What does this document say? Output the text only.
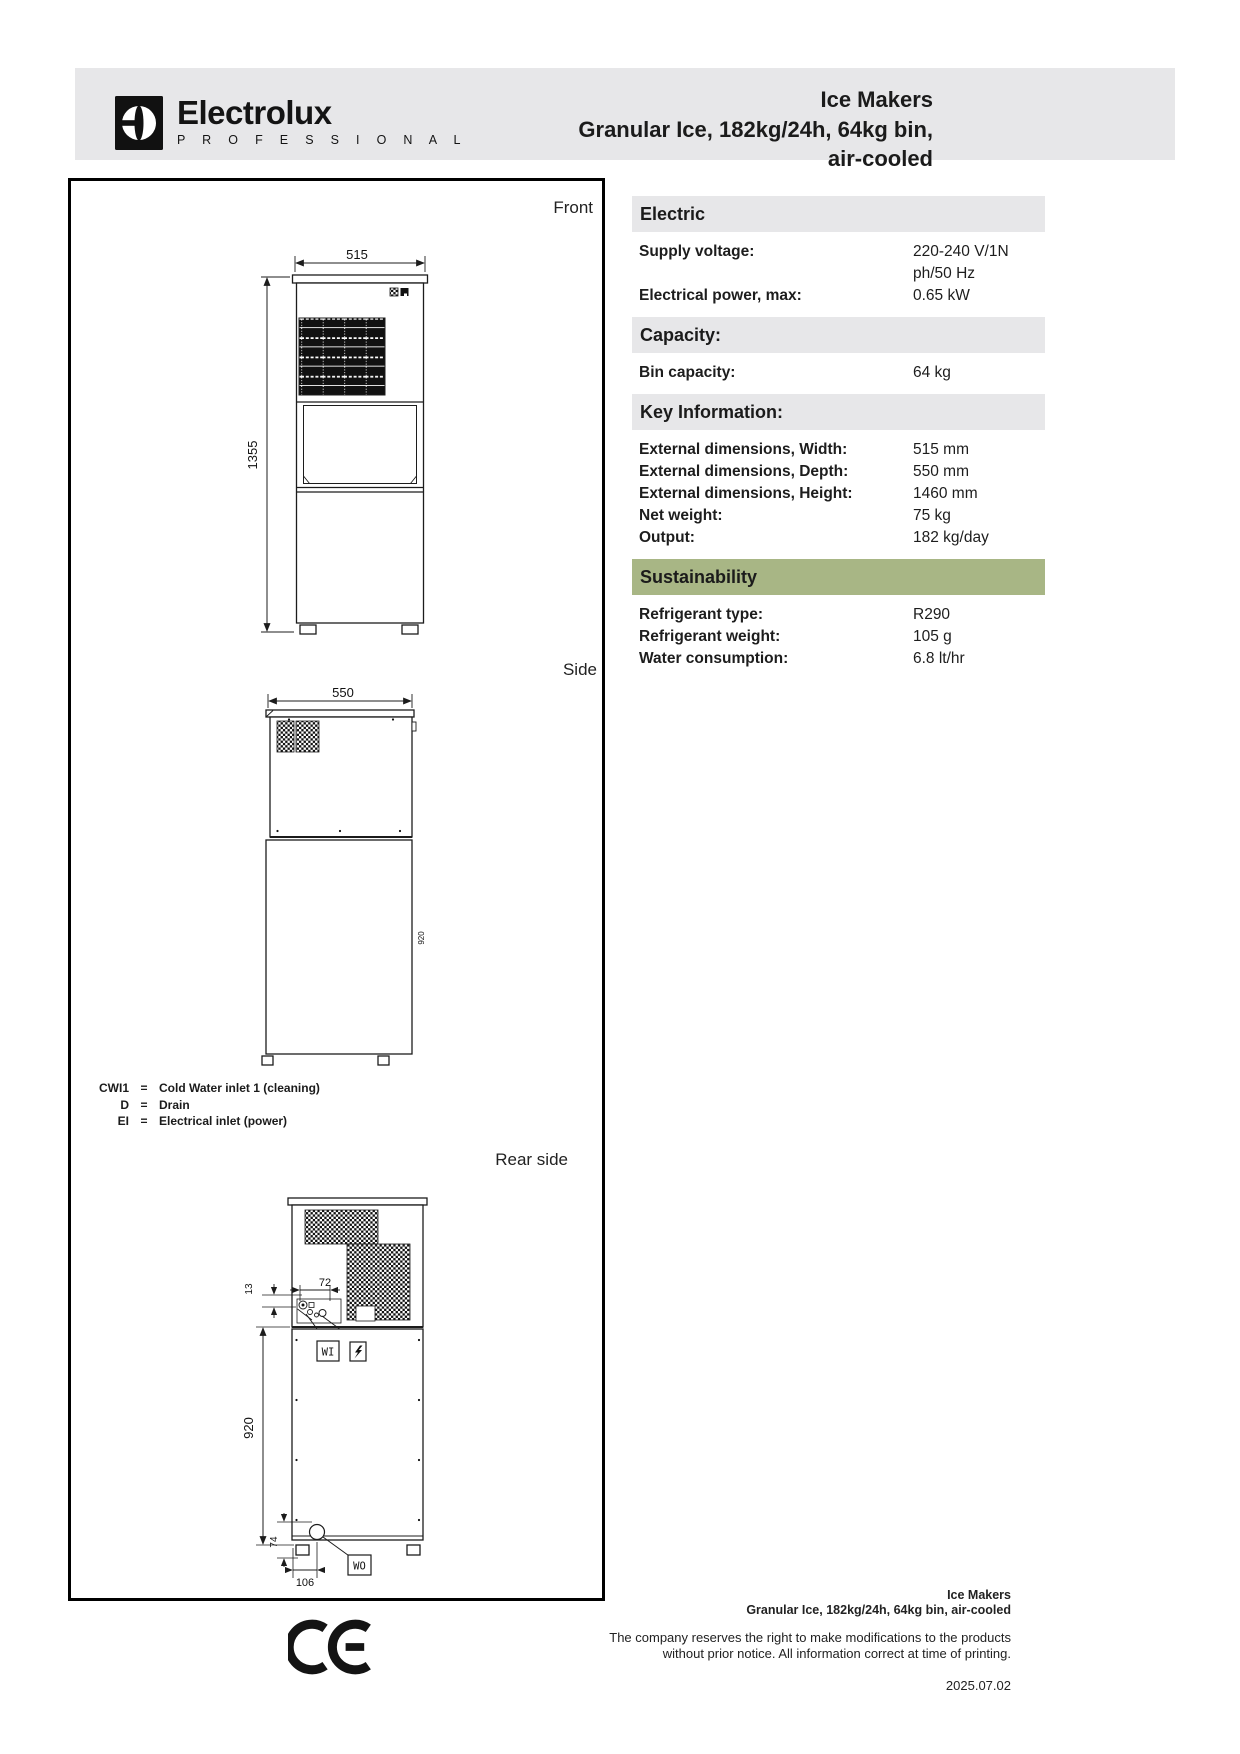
Electrolux
P R O F E S S I O N A L
Ice Makers
Granular Ice, 182kg/24h, 64kg bin,
air-cooled
Front
Side
Rear side
515
1355
550
920
72
13
920
74
106
WI
WO
CWI1 = Cold Water inlet 1 (cleaning)
D = Drain
EI = Electrical inlet (power)
Electric
Supply voltage:	220-240 V/1N ph/50 Hz
Electrical power, max:	0.65 kW
Capacity:
Bin capacity:	64 kg
Key Information:
External dimensions, Width:	515 mm
External dimensions, Depth:	550 mm
External dimensions, Height:	1460 mm
Net weight:	75 kg
Output:	182 kg/day
Sustainability
Refrigerant type:	R290
Refrigerant weight:	105 g
Water consumption:	6.8 lt/hr
Ice Makers
Granular Ice, 182kg/24h, 64kg bin, air-cooled
The company reserves the right to make modifications to the products
without prior notice. All information correct at time of printing.
2025.07.02
